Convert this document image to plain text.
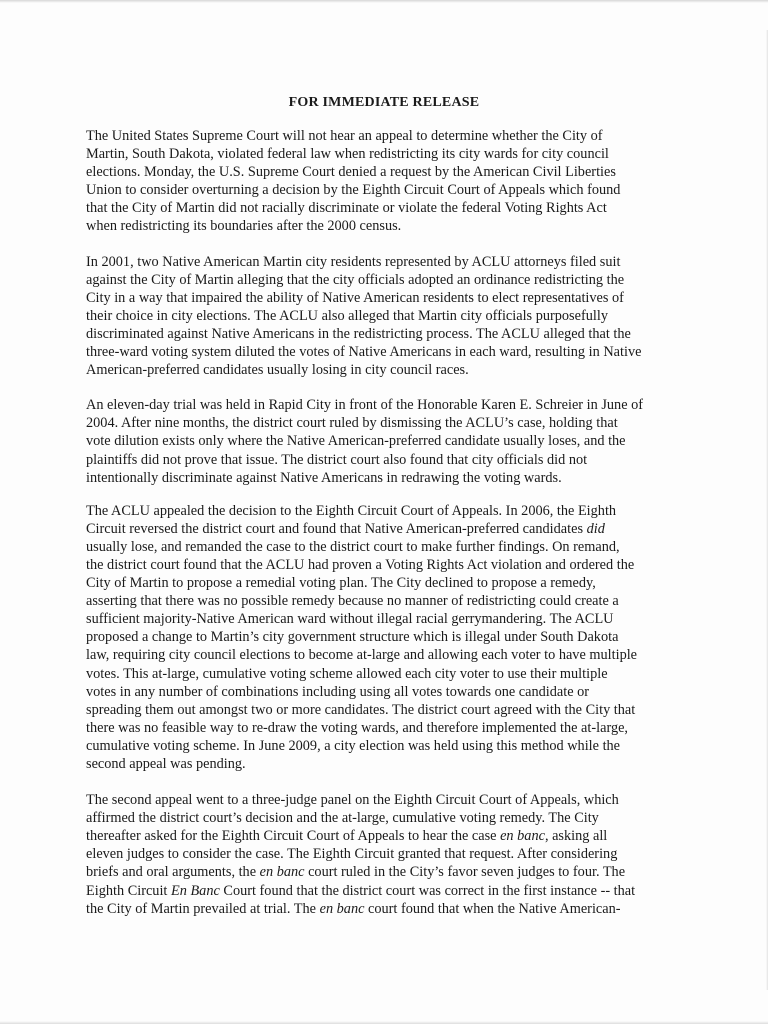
FOR IMMEDIATE RELEASE

The United States Supreme Court will not hear an appeal to determine whether the City of
Martin, South Dakota, violated federal law when redistricting its city wards for city council
elections. Monday, the U.S. Supreme Court denied a request by the American Civil Liberties
Union to consider overturning a decision by the Eighth Circuit Court of Appeals which found
that the City of Martin did not racially discriminate or violate the federal Voting Rights Act
when redistricting its boundaries after the 2000 census.

In 2001, two Native American Martin city residents represented by ACLU attorneys filed suit
against the City of Martin alleging that the city officials adopted an ordinance redistricting the
City in a way that impaired the ability of Native American residents to elect representatives of
their choice in city elections. The ACLU also alleged that Martin city officials purposefully
discriminated against Native Americans in the redistricting process. The ACLU alleged that the
three-ward voting system diluted the votes of Native Americans in each ward, resulting in Native
American-preferred candidates usually losing in city council races.

An eleven-day trial was held in Rapid City in front of the Honorable Karen E. Schreier in June of
2004. After nine months, the district court ruled by dismissing the ACLU’s case, holding that
vote dilution exists only where the Native American-preferred candidate usually loses, and the
plaintiffs did not prove that issue. The district court also found that city officials did not
intentionally discriminate against Native Americans in redrawing the voting wards.

The ACLU appealed the decision to the Eighth Circuit Court of Appeals. In 2006, the Eighth
Circuit reversed the district court and found that Native American-preferred candidates did
usually lose, and remanded the case to the district court to make further findings. On remand,
the district court found that the ACLU had proven a Voting Rights Act violation and ordered the
City of Martin to propose a remedial voting plan. The City declined to propose a remedy,
asserting that there was no possible remedy because no manner of redistricting could create a
sufficient majority-Native American ward without illegal racial gerrymandering. The ACLU
proposed a change to Martin’s city government structure which is illegal under South Dakota
law, requiring city council elections to become at-large and allowing each voter to have multiple
votes. This at-large, cumulative voting scheme allowed each city voter to use their multiple
votes in any number of combinations including using all votes towards one candidate or
spreading them out amongst two or more candidates. The district court agreed with the City that
there was no feasible way to re-draw the voting wards, and therefore implemented the at-large,
cumulative voting scheme. In June 2009, a city election was held using this method while the
second appeal was pending.

The second appeal went to a three-judge panel on the Eighth Circuit Court of Appeals, which
affirmed the district court’s decision and the at-large, cumulative voting remedy. The City
thereafter asked for the Eighth Circuit Court of Appeals to hear the case en banc, asking all
eleven judges to consider the case. The Eighth Circuit granted that request. After considering
briefs and oral arguments, the en banc court ruled in the City’s favor seven judges to four. The
Eighth Circuit En Banc Court found that the district court was correct in the first instance -- that
the City of Martin prevailed at trial. The en banc court found that when the Native American-
